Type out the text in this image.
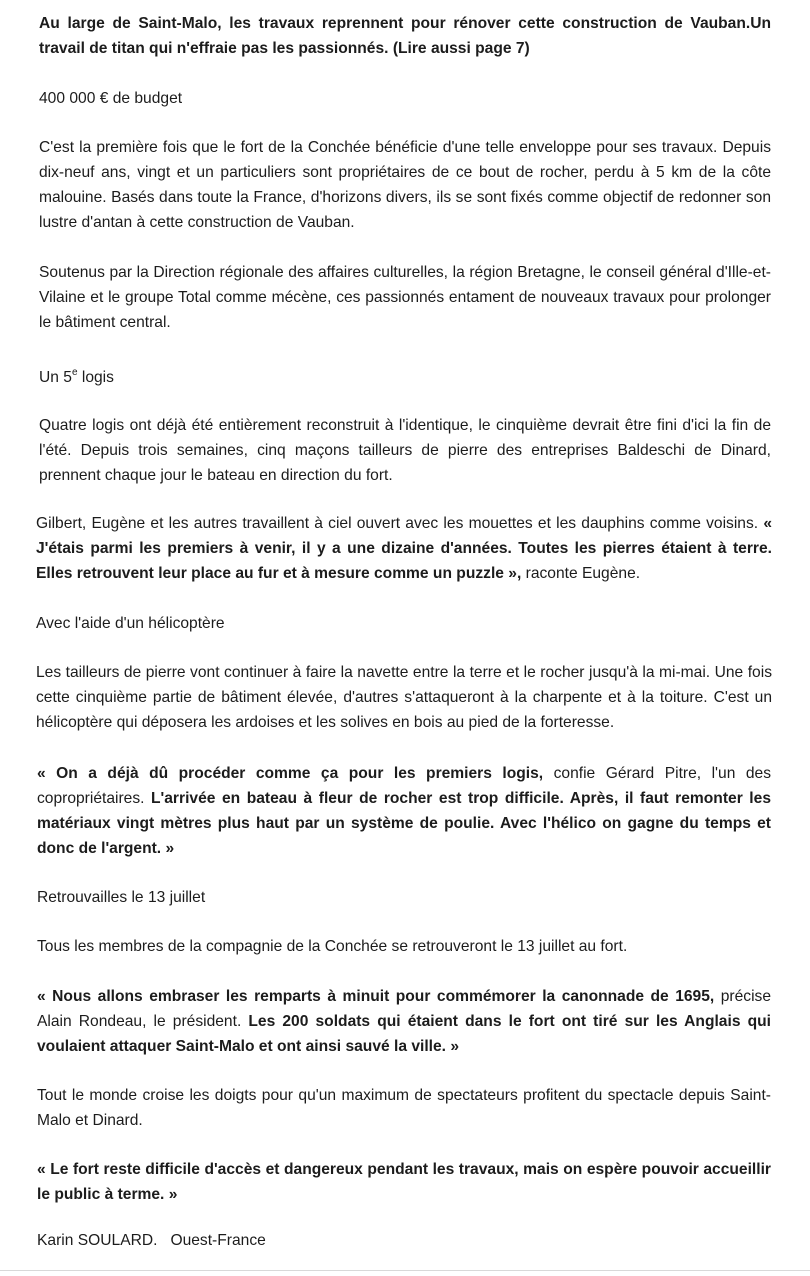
Au large de Saint-Malo, les travaux reprennent pour rénover cette construction de Vauban.Un travail de titan qui n'effraie pas les passionnés. (Lire aussi page 7)

400 000 € de budget

C'est la première fois que le fort de la Conchée bénéficie d'une telle enveloppe pour ses travaux. Depuis dix-neuf ans, vingt et un particuliers sont propriétaires de ce bout de rocher, perdu à 5 km de la côte malouine. Basés dans toute la France, d'horizons divers, ils se sont fixés comme objectif de redonner son lustre d'antan à cette construction de Vauban.

Soutenus par la Direction régionale des affaires culturelles, la région Bretagne, le conseil général d'Ille-et-Vilaine et le groupe Total comme mécène, ces passionnés entament de nouveaux travaux pour prolonger le bâtiment central.

Un 5e logis

Quatre logis ont déjà été entièrement reconstruit à l'identique, le cinquième devrait être fini d'ici la fin de l'été. Depuis trois semaines, cinq maçons tailleurs de pierre des entreprises Baldeschi de Dinard, prennent chaque jour le bateau en direction du fort.

Gilbert, Eugène et les autres travaillent à ciel ouvert avec les mouettes et les dauphins comme voisins. « J'étais parmi les premiers à venir, il y a une dizaine d'années. Toutes les pierres étaient à terre. Elles retrouvent leur place au fur et à mesure comme un puzzle », raconte Eugène.

Avec l'aide d'un hélicoptère

Les tailleurs de pierre vont continuer à faire la navette entre la terre et le rocher jusqu'à la mi-mai. Une fois cette cinquième partie de bâtiment élevée, d'autres s'attaqueront à la charpente et à la toiture. C'est un hélicoptère qui déposera les ardoises et les solives en bois au pied de la forteresse.

« On a déjà dû procéder comme ça pour les premiers logis, confie Gérard Pitre, l'un des copropriétaires. L'arrivée en bateau à fleur de rocher est trop difficile. Après, il faut remonter les matériaux vingt mètres plus haut par un système de poulie. Avec l'hélico on gagne du temps et donc de l'argent. »

Retrouvailles le 13 juillet

Tous les membres de la compagnie de la Conchée se retrouveront le 13 juillet au fort.

« Nous allons embraser les remparts à minuit pour commémorer la canonnade de 1695, précise Alain Rondeau, le président. Les 200 soldats qui étaient dans le fort ont tiré sur les Anglais qui voulaient attaquer Saint-Malo et ont ainsi sauvé la ville. »

Tout le monde croise les doigts pour qu'un maximum de spectateurs profitent du spectacle depuis Saint-Malo et Dinard.

« Le fort reste difficile d'accès et dangereux pendant les travaux, mais on espère pouvoir accueillir le public à terme. »

Karin SOULARD.   Ouest-France
